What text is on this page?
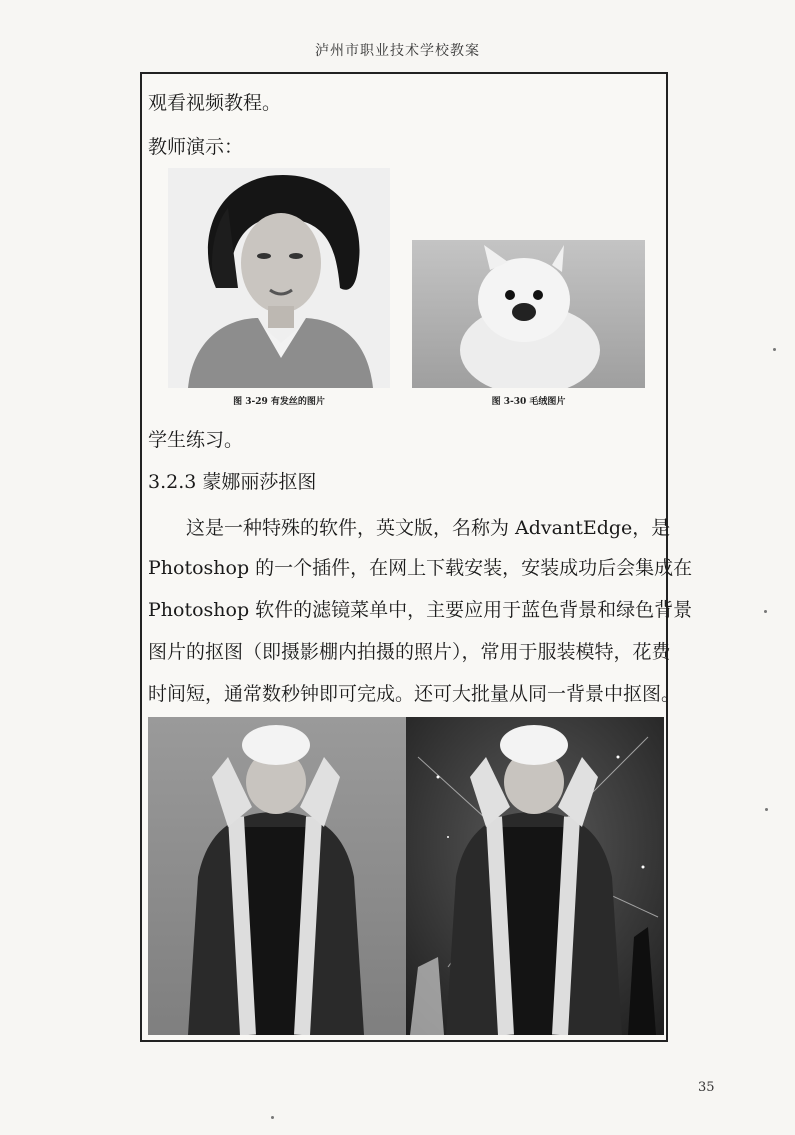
泸州市职业技术学校教案
观看视频教程。
教师演示：
图 3-29 有发丝的图片	图 3-30 毛绒图片
学生练习。
3.2.3 蒙娜丽莎抠图
这是一种特殊的软件，英文版，名称为 AdvantEdge，是
Photoshop 的一个插件，在网上下载安装，安装成功后会集成在
Photoshop 软件的滤镜菜单中，主要应用于蓝色背景和绿色背景
图片的抠图（即摄影棚内拍摄的照片），常用于服装模特，花费
时间短，通常数秒钟即可完成。还可大批量从同一背景中抠图。
35
